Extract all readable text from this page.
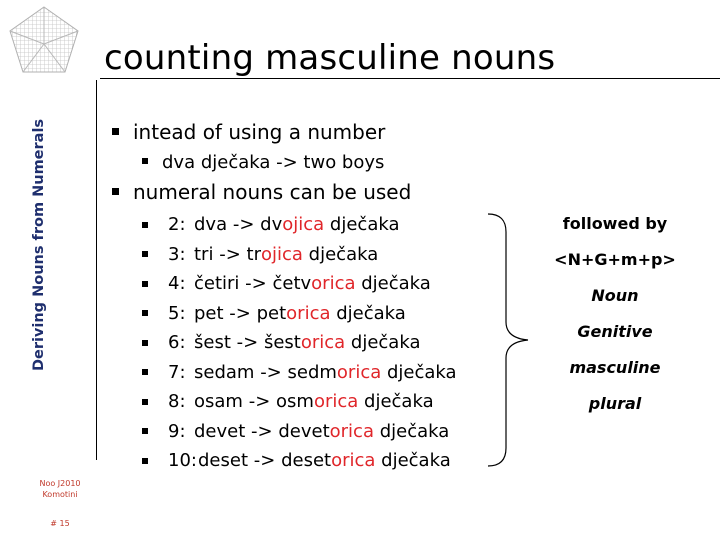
counting masculine nouns
Deriving Nouns from Numerals
Noo J2010
Komotini
# 15
intead of using a number
dva dječaka -> two boys
numeral nouns can be used
2: dva
->
dv ojica
dječaka
3: tri
->
tr ojica
dječaka
4: četiri
->
četv orica
dječaka
5: pet
->
pet orica
dječaka
6: šest
->
šest orica
dječaka
7: sedam
->
sedm orica
dječaka
8: osam
->
osm orica
dječaka
9: devet
->
devet orica
dječaka
10: deset
->
deset orica
dječaka
followed by
<N+G+m+p>
Noun
Genitive
masculine
plural
